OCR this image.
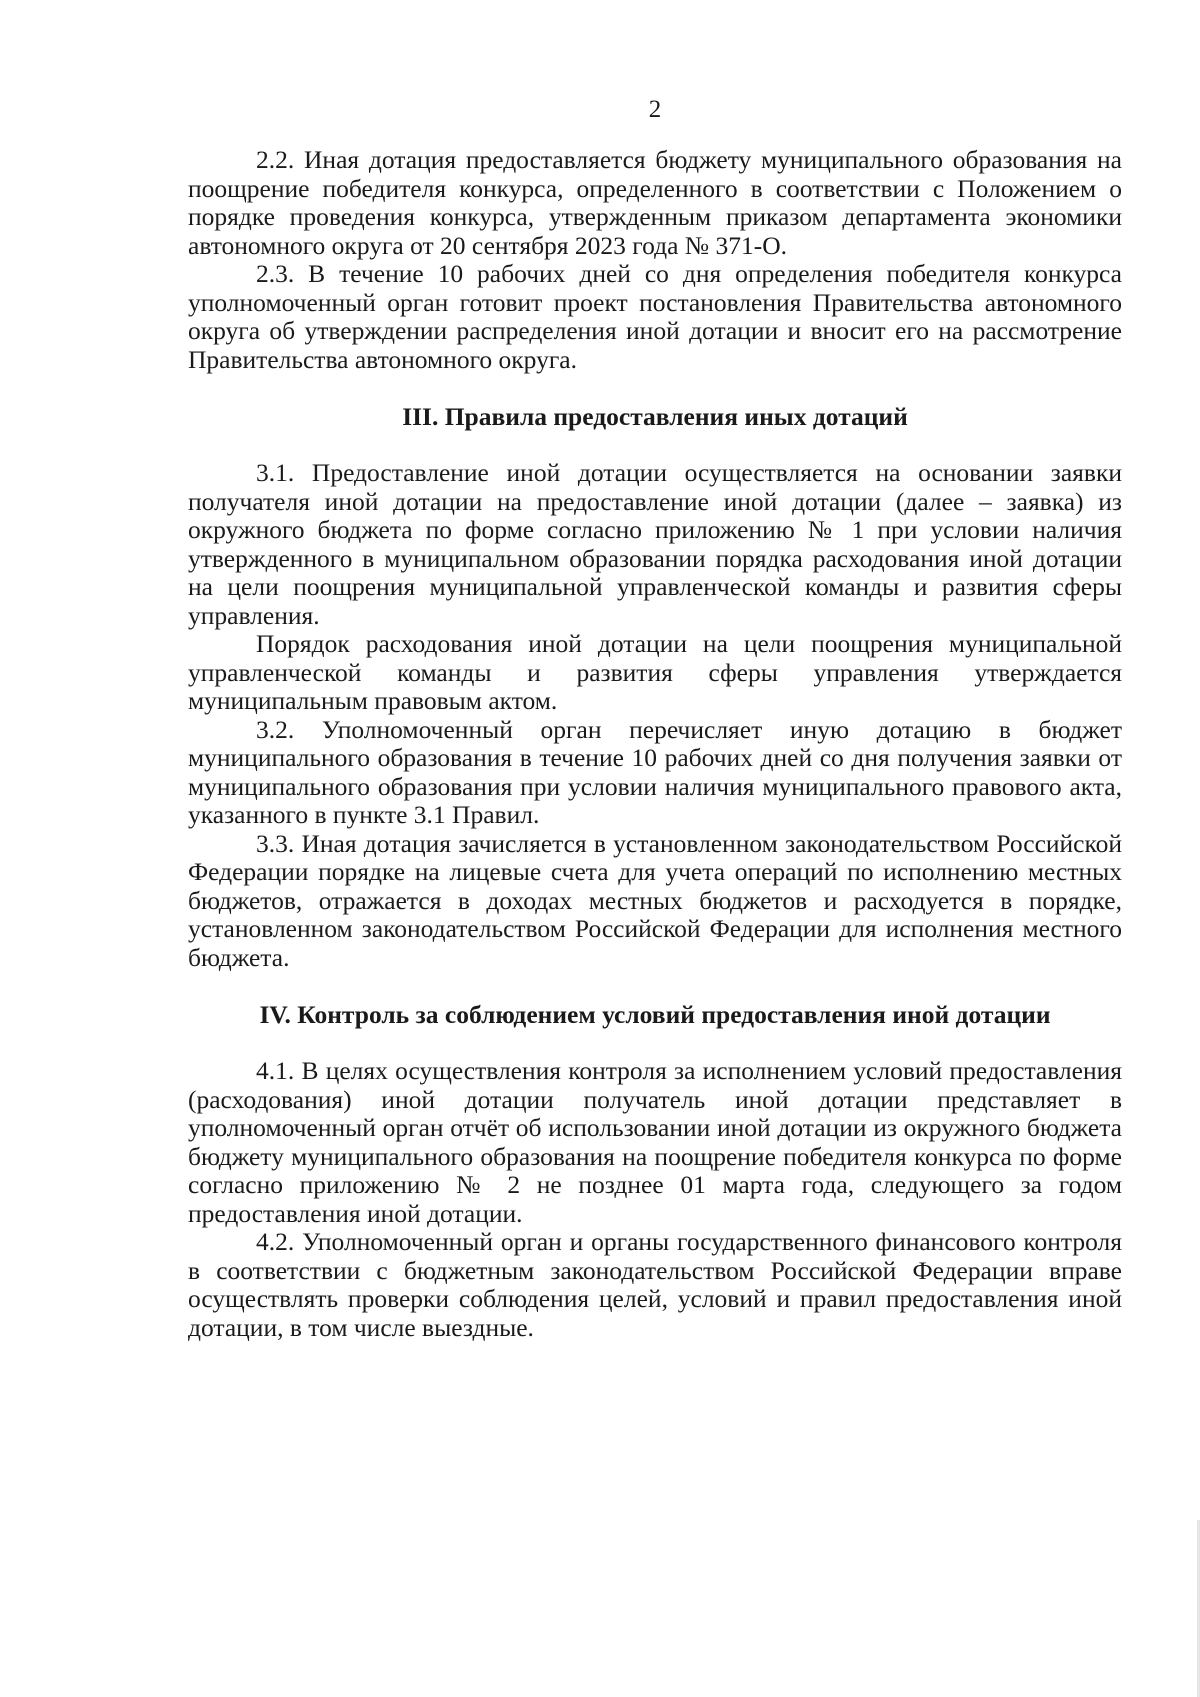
2

2.2. Иная дотация предоставляется бюджету муниципального образования на поощрение победителя конкурса, определенного в соответствии с Положением о порядке проведения конкурса, утвержденным приказом департамента экономики автономного округа от 20 сентября 2023 года № 371-О.

2.3. В течение 10 рабочих дней со дня определения победителя конкурса уполномоченный орган готовит проект постановления Правительства автономного округа об утверждении распределения иной дотации и вносит его на рассмотрение Правительства автономного округа.

III. Правила предоставления иных дотаций

3.1. Предоставление иной дотации осуществляется на основании заявки получателя иной дотации на предоставление иной дотации (далее – заявка) из окружного бюджета по форме согласно приложению № 1 при условии наличия утвержденного в муниципальном образовании порядка расходования иной дотации на цели поощрения муниципальной управленческой команды и развития сферы управления.

Порядок расходования иной дотации на цели поощрения муниципальной управленческой команды и развития сферы управления утверждается муниципальным правовым актом.

3.2. Уполномоченный орган перечисляет иную дотацию в бюджет муниципального образования в течение 10 рабочих дней со дня получения заявки от муниципального образования при условии наличия муниципального правового акта, указанного в пункте 3.1 Правил.

3.3. Иная дотация зачисляется в установленном законодательством Российской Федерации порядке на лицевые счета для учета операций по исполнению местных бюджетов, отражается в доходах местных бюджетов и расходуется в порядке, установленном законодательством Российской Федерации для исполнения местного бюджета.

IV. Контроль за соблюдением условий предоставления иной дотации

4.1. В целях осуществления контроля за исполнением условий предоставления (расходования) иной дотации получатель иной дотации представляет в уполномоченный орган отчёт об использовании иной дотации из окружного бюджета бюджету муниципального образования на поощрение победителя конкурса по форме согласно приложению № 2 не позднее 01 марта года, следующего за годом предоставления иной дотации.

4.2. Уполномоченный орган и органы государственного финансового контроля в соответствии с бюджетным законодательством Российской Федерации вправе осуществлять проверки соблюдения целей, условий и правил предоставления иной дотации, в том числе выездные.
